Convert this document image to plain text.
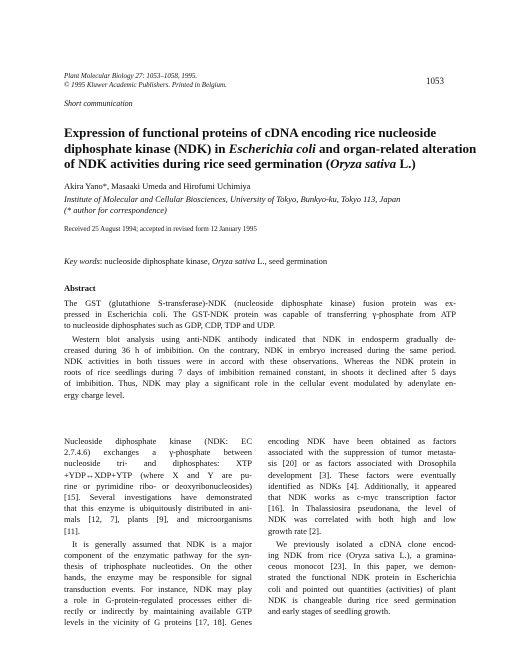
Plant Molecular Biology 27: 1053–1058, 1995.
© 1995 Kluwer Academic Publishers. Printed in Belgium.	1053
Short communication
Expression of functional proteins of cDNA encoding rice nucleoside
diphosphate kinase (NDK) in Escherichia coli and organ-related alteration
of NDK activities during rice seed germination (Oryza sativa L.)
Akira Yano*, Masaaki Umeda and Hirofumi Uchimiya
Institute of Molecular and Cellular Biosciences, University of Tokyo, Bunkyo-ku, Tokyo 113, Japan
(* author for correspondence)
Received 25 August 1994; accepted in revised form 12 January 1995
Key words: nucleoside diphosphate kinase, Oryza sativa L., seed germination
Abstract
The GST (glutathione S-transferase)-NDK (nucleoside diphosphate kinase) fusion protein was ex-
pressed in Escherichia coli. The GST-NDK protein was capable of transferring γ-phosphate from ATP
to nucleoside diphosphates such as GDP, CDP, TDP and UDP.
Western blot analysis using anti-NDK antibody indicated that NDK in endosperm gradually de-
creased during 36 h of imbibition. On the contrary, NDK in embryo increased during the same period.
NDK activities in both tissues were in accord with these observations. Whereas the NDK protein in
roots of rice seedlings during 7 days of imbibition remained constant, in shoots it declined after 5 days
of imbibition. Thus, NDK may play a significant role in the cellular event modulated by adenylate en-
ergy charge level.
Nucleoside diphosphate kinase (NDK: EC
2.7.4.6) exchanges a γ-phosphate between
nucleoside tri- and diphosphates: XTP
+YDP↔XDP+YTP (where X and Y are pu-
rine or pyrimidine ribo- or deoxyribonucleosides)
[15]. Several investigations have demonstrated
that this enzyme is ubiquitously distributed in ani-
mals [12, 7], plants [9], and microorganisms
[11].
It is generally assumed that NDK is a major
component of the enzymatic pathway for the syn-
thesis of triphosphate nucleotides. On the other
hands, the enzyme may be responsible for signal
transduction events. For instance, NDK may play
a role in G-protein-regulated processes either di-
rectly or indirectly by maintaining available GTP
levels in the vicinity of G proteins [17, 18]. Genes
encoding NDK have been obtained as factors
associated with the suppression of tumor metasta-
sis [20] or as factors associated with Drosophila
development [3]. These factors were eventually
identified as NDKs [4]. Additionally, it appeared
that NDK works as c-myc transcription factor
[16]. In Thalassiosira pseudonana, the level of
NDK was correlated with both high and low
growth rate [2].
We previously isolated a cDNA clone encod-
ing NDK from rice (Oryza sativa L.), a gramina-
ceous monocot [23]. In this paper, we demon-
strated the functional NDK protein in Escherichia
coli and pointed out quantities (activities) of plant
NDK is changeable during rice seed germination
and early stages of seedling growth.
